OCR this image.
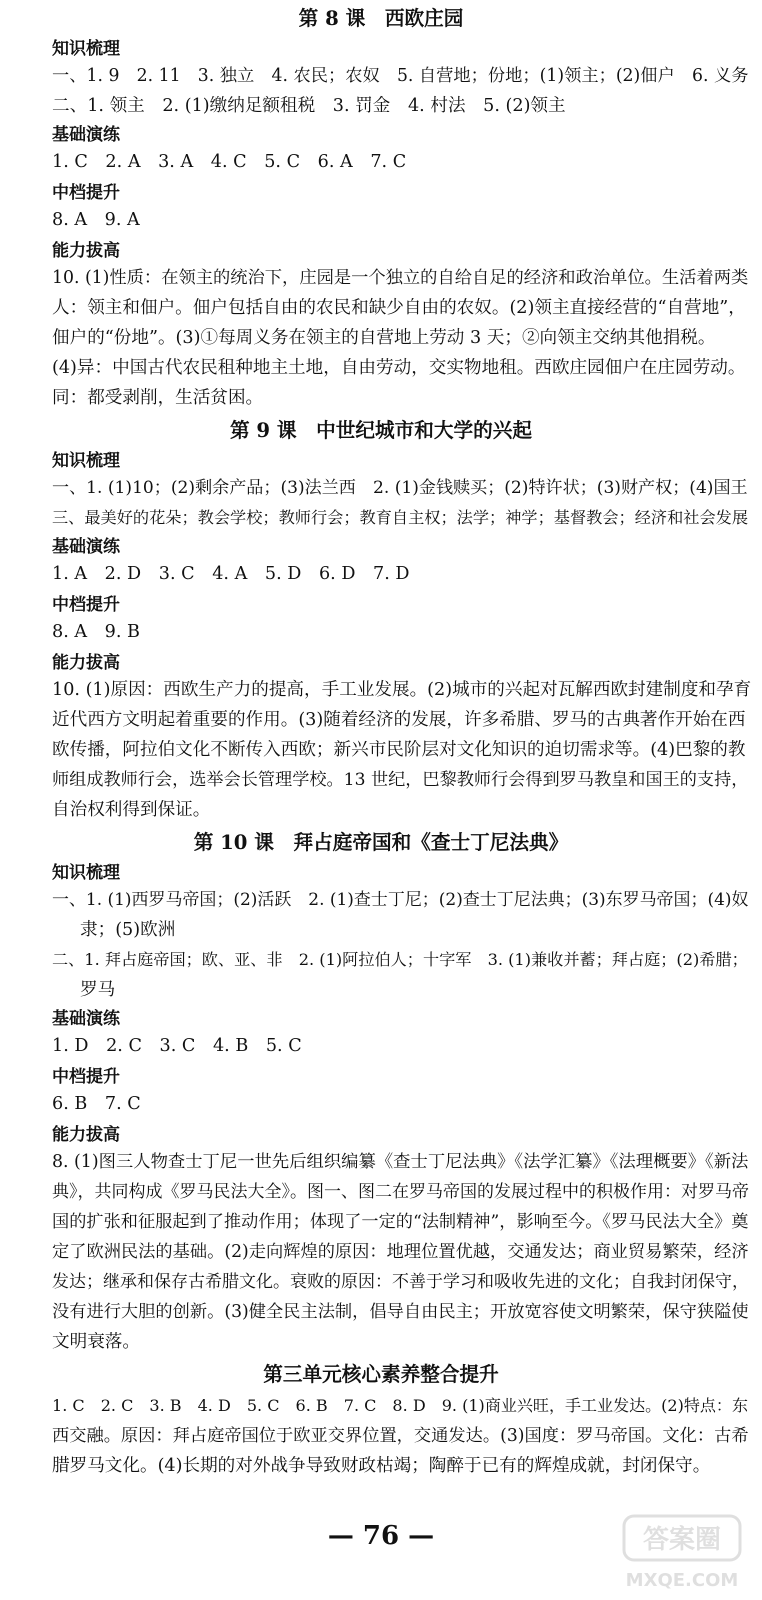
第 8 课　西欧庄园
知识梳理
一、1. 9　2. 11　3. 独立　4. 农民；农奴　5. 自营地；份地；(1)领主；(2)佃户　6. 义务
二、1. 领主　2. (1)缴纳足额租税　3. 罚金　4. 村法　5. (2)领主
基础演练
1. C　2. A　3. A　4. C　5. C　6. A　7. C
中档提升
8. A　9. A
能力拔高
10. (1)性质：在领主的统治下，庄园是一个独立的自给自足的经济和政治单位。生活着两类
人：领主和佃户。佃户包括自由的农民和缺少自由的农奴。(2)领主直接经营的“自营地”，
佃户的“份地”。(3)①每周义务在领主的自营地上劳动 3 天；②向领主交纳其他捐税。
(4)异：中国古代农民租种地主土地，自由劳动，交实物地租。西欧庄园佃户在庄园劳动。
同：都受剥削，生活贫困。
第 9 课　中世纪城市和大学的兴起
知识梳理
一、1. (1)10；(2)剩余产品；(3)法兰西　2. (1)金钱赎买；(2)特许状；(3)财产权；(4)国王
三、最美好的花朵；教会学校；教师行会；教育自主权；法学；神学；基督教会；经济和社会发展
基础演练
1. A　2. D　3. C　4. A　5. D　6. D　7. D
中档提升
8. A　9. B
能力拔高
10. (1)原因：西欧生产力的提高，手工业发展。(2)城市的兴起对瓦解西欧封建制度和孕育
近代西方文明起着重要的作用。(3)随着经济的发展，许多希腊、罗马的古典著作开始在西
欧传播，阿拉伯文化不断传入西欧；新兴市民阶层对文化知识的迫切需求等。(4)巴黎的教
师组成教师行会，选举会长管理学校。13 世纪，巴黎教师行会得到罗马教皇和国王的支持，
自治权利得到保证。
第 10 课　拜占庭帝国和《查士丁尼法典》
知识梳理
一、1. (1)西罗马帝国；(2)活跃　2. (1)查士丁尼；(2)查士丁尼法典；(3)东罗马帝国；(4)奴
隶；(5)欧洲
二、1. 拜占庭帝国；欧、亚、非　2. (1)阿拉伯人；十字军　3. (1)兼收并蓄；拜占庭；(2)希腊；
罗马
基础演练
1. D　2. C　3. C　4. B　5. C
中档提升
6. B　7. C
能力拔高
8. (1)图三人物查士丁尼一世先后组织编纂《查士丁尼法典》《法学汇纂》《法理概要》《新法
典》，共同构成《罗马民法大全》。图一、图二在罗马帝国的发展过程中的积极作用：对罗马帝
国的扩张和征服起到了推动作用；体现了一定的“法制精神”，影响至今。《罗马民法大全》奠
定了欧洲民法的基础。(2)走向辉煌的原因：地理位置优越，交通发达；商业贸易繁荣，经济
发达；继承和保存古希腊文化。衰败的原因：不善于学习和吸收先进的文化；自我封闭保守，
没有进行大胆的创新。(3)健全民主法制，倡导自由民主；开放宽容使文明繁荣，保守狭隘使
文明衰落。
第三单元核心素养整合提升
1. C　2. C　3. B　4. D　5. C　6. B　7. C　8. D　9. (1)商业兴旺，手工业发达。(2)特点：东
西交融。原因：拜占庭帝国位于欧亚交界位置，交通发达。(3)国度：罗马帝国。文化：古希
腊罗马文化。(4)长期的对外战争导致财政枯竭；陶醉于已有的辉煌成就，封闭保守。
— 76 —	答案圈
MXQE.COM
